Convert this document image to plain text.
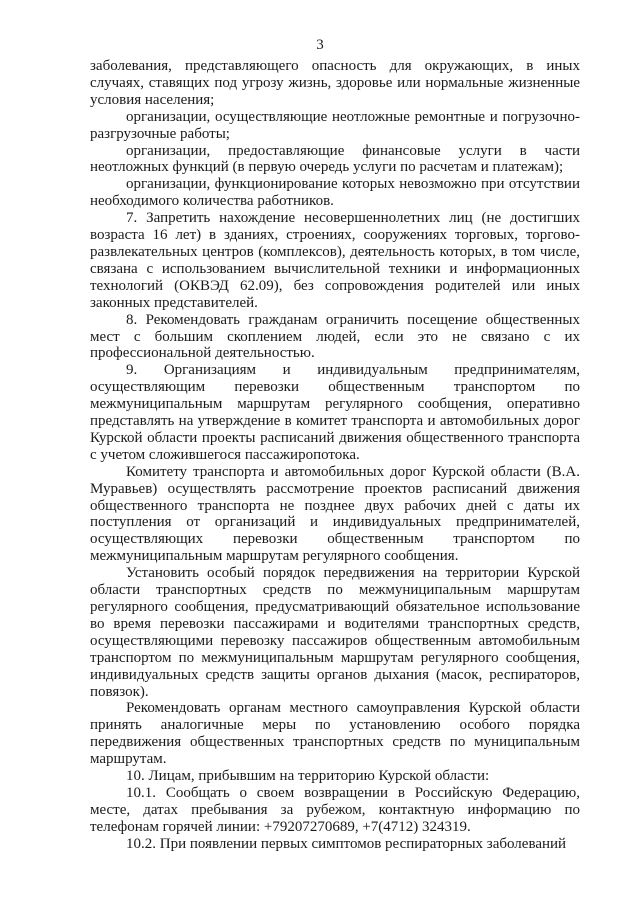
3

заболевания, представляющего опасность для окружающих, в иных случаях, ставящих под угрозу жизнь, здоровье или нормальные жизненные условия населения;

организации, осуществляющие неотложные ремонтные и погрузочно-разгрузочные работы;

организации, предоставляющие финансовые услуги в части неотложных функций (в первую очередь услуги по расчетам и платежам);

организации, функционирование которых невозможно при отсутствии необходимого количества работников.

7. Запретить нахождение несовершеннолетних лиц (не достигших возраста 16 лет) в зданиях, строениях, сооружениях торговых, торгово-развлекательных центров (комплексов), деятельность которых, в том числе, связана с использованием вычислительной техники и информационных технологий (ОКВЭД 62.09), без сопровождения родителей или иных законных представителей.

8. Рекомендовать гражданам ограничить посещение общественных мест с большим скоплением людей, если это не связано с их профессиональной деятельностью.

9. Организациям и индивидуальным предпринимателям, осуществляющим перевозки общественным транспортом по межмуниципальным маршрутам регулярного сообщения, оперативно представлять на утверждение в комитет транспорта и автомобильных дорог Курской области проекты расписаний движения общественного транспорта с учетом сложившегося пассажиропотока.

Комитету транспорта и автомобильных дорог Курской области (В.А. Муравьев) осуществлять рассмотрение проектов расписаний движения общественного транспорта не позднее двух рабочих дней с даты их поступления от организаций и индивидуальных предпринимателей, осуществляющих перевозки общественным транспортом по межмуниципальным маршрутам регулярного сообщения.

Установить особый порядок передвижения на территории Курской области транспортных средств по межмуниципальным маршрутам регулярного сообщения, предусматривающий обязательное использование во время перевозки пассажирами и водителями транспортных средств, осуществляющими перевозку пассажиров общественным автомобильным транспортом по межмуниципальным маршрутам регулярного сообщения, индивидуальных средств защиты органов дыхания (масок, респираторов, повязок).

Рекомендовать органам местного самоуправления Курской области принять аналогичные меры по установлению особого порядка передвижения общественных транспортных средств по муниципальным маршрутам.

10. Лицам, прибывшим на территорию Курской области:

10.1. Сообщать о своем возвращении в Российскую Федерацию, месте, датах пребывания за рубежом, контактную информацию по телефонам горячей линии: +79207270689, +7(4712) 324319.

10.2. При появлении первых симптомов респираторных заболеваний
